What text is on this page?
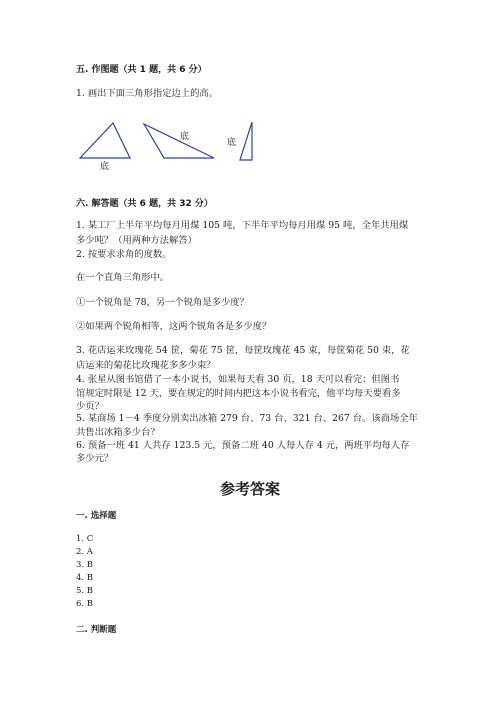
五. 作图题（共 1 题，共 6 分）
1. 画出下面三角形指定边上的高。
底
底
底
六. 解答题（共 6 题，共 32 分）
1. 某工厂上半年平均每月用煤 105 吨，下半年平均每月用煤 95 吨，全年共用煤
多少吨？（用两种方法解答）
2. 按要求求角的度数。
在一个直角三角形中。
①一个锐角是 78，另一个锐角是多少度？
②如果两个锐角相等，这两个锐角各是多少度？
3. 花店运来玫瑰花 54 筐，菊花 75 筐，每筐玫瑰花 45 束，每筐菊花 50 束，花
店运来的菊花比玫瑰花多多少束？
4. 张星从图书馆借了一本小说书，如果每天看 30 页，18 天可以看完；但图书
馆规定时限是 12 天，要在规定的时间内把这本小说书看完，他平均每天要看多
少页？
5. 某商场 1－4 季度分别卖出冰箱 279 台、73 台、321 台、267 台。该商场全年
共售出冰箱多少台？
6. 预备一班 41 人共存 123.5 元，预备二班 40 人每人存 4 元，两班平均每人存
多少元？
参考答案
一. 选择题
1. C
2. A
3. B
4. B
5. B
6. B
二. 判断题
